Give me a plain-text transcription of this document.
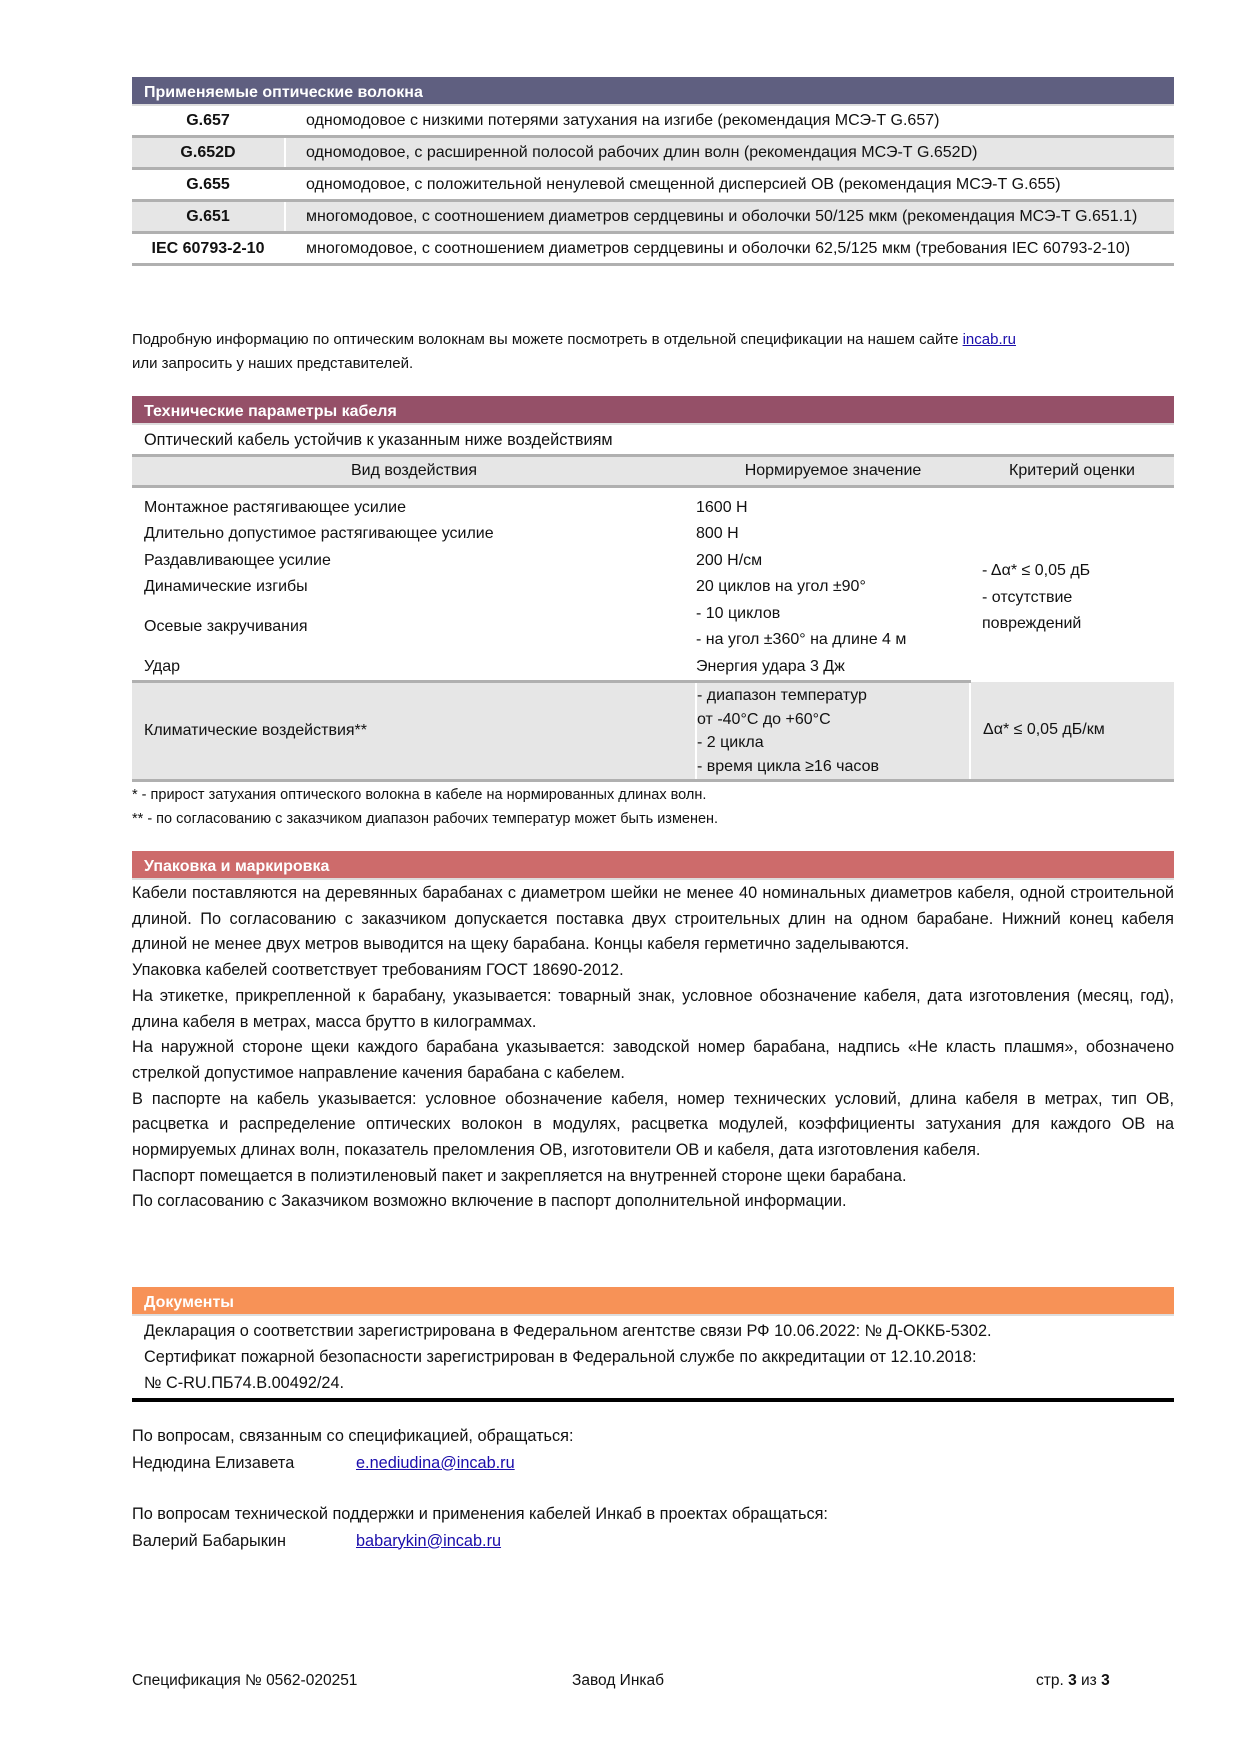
Применяемые оптические волокна
G.657	одномодовое с низкими потерями затухания на изгибе (рекомендация МСЭ-Т G.657)
G.652D	одномодовое, с расширенной полосой рабочих длин волн (рекомендация МСЭ-Т G.652D)
G.655	одномодовое, с положительной ненулевой смещенной дисперсией ОВ (рекомендация МСЭ-Т G.655)
G.651	многомодовое, с соотношением диаметров сердцевины и оболочки 50/125 мкм (рекомендация МСЭ-Т G.651.1)
IEC 60793-2-10	многомодовое, с соотношением диаметров сердцевины и оболочки 62,5/125 мкм (требования IEC 60793-2-10)
Подробную информацию по оптическим волокнам вы можете посмотреть в отдельной спецификации на нашем сайте incab.ru
или запросить у наших представителей.
Технические параметры кабеля
Оптический кабель устойчив к указанным ниже воздействиям
Вид воздействия	Нормируемое значение	Критерий оценки

Монтажное растягивающее усилие	1600 Н	- Δα* ≤ 0,05 дБ
- отсутствие
повреждений

Длительно допустимое растягивающее усилие	800 Н	
Раздавливающее усилие	200 Н/см	
Динамические изгибы	20 циклов на угол ±90°	
Осевые закручивания	- 10 циклов
- на угол ±360° на длине 4 м	

Удар	Энергия удара 3 Дж	

Климатические воздействия**	- диапазон температур
от -40°С до +60°С
- 2 цикла
- время цикла ≥16 часов	Δα* ≤ 0,05 дБ/км
* - прирост затухания оптического волокна в кабеле на нормированных длинах волн.
** - по согласованию с заказчиком диапазон рабочих температур может быть изменен.
Упаковка и маркировка

Кабели поставляются на деревянных барабанах с диаметром шейки не менее 40 номинальных диаметров кабеля, одной строительной длиной. По согласованию с заказчиком допускается поставка двух строительных длин на одном барабане. Нижний конец кабеля длиной не менее двух метров выводится на щеку барабана. Концы кабеля герметично заделываются.

Упаковка кабелей соответствует требованиям ГОСТ 18690-2012.

На этикетке, прикрепленной к барабану, указывается: товарный знак, условное обозначение кабеля, дата изготовления (месяц, год), длина кабеля в метрах, масса брутто в килограммах.

На наружной стороне щеки каждого барабана указывается: заводской номер барабана, надпись «Не класть плашмя», обозначено стрелкой допустимое направление качения барабана с кабелем.

В паспорте на кабель указывается: условное обозначение кабеля, номер технических условий, длина кабеля в метрах, тип ОВ, расцветка и распределение оптических волокон в модулях, расцветка модулей, коэффициенты затухания для каждого ОВ на нормируемых длинах волн, показатель преломления ОВ, изготовители ОВ и кабеля, дата изготовления кабеля.

Паспорт помещается в полиэтиленовый пакет и закрепляется на внутренней стороне щеки барабана.

По согласованию с Заказчиком возможно включение в паспорт дополнительной информации.

Документы
Декларация о соответствии зарегистрирована в Федеральном агентстве связи РФ 10.06.2022: № Д-ОККБ-5302.
Сертификат пожарной безопасности зарегистрирован в Федеральной службе по аккредитации от 12.10.2018:
№ C-RU.ПБ74.В.00492/24.
По вопросам, связанным со спецификацией, обращаться:
Недюдина Елизавета	e.nediudina@incab.ru
По вопросам технической поддержки и применения кабелей Инкаб в проектах обращаться:
Валерий Бабарыкин	babarykin@incab.ru
Спецификация № 0562-020251	Завод Инкаб	стр. 3 из 3
